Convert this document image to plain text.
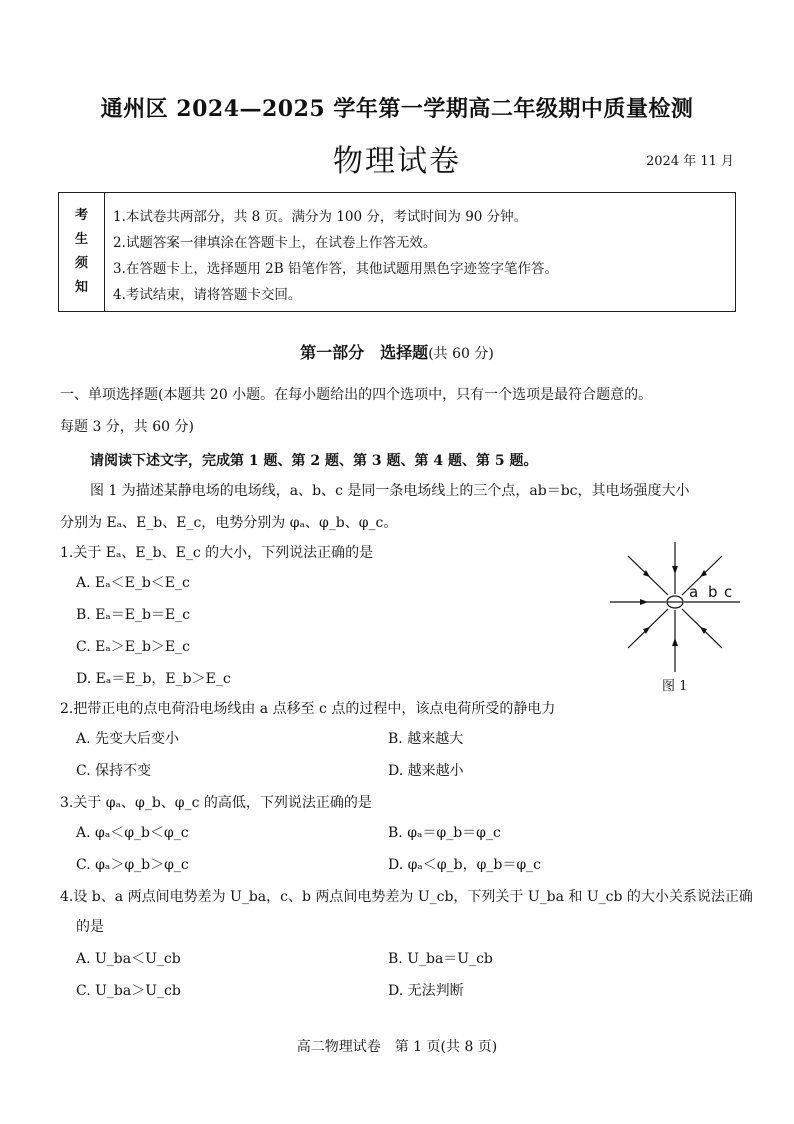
通州区 2024—2025 学年第一学期高二年级期中质量检测
物理试卷	2024 年 11 月
考
生
须
知
1.本试卷共两部分，共 8 页。满分为 100 分，考试时间为 90 分钟。
2.试题答案一律填涂在答题卡上，在试卷上作答无效。
3.在答题卡上，选择题用 2B 铅笔作答，其他试题用黑色字迹签字笔作答。
4.考试结束，请将答题卡交回。
第一部分　选择题(共 60 分)
一、单项选择题(本题共 20 小题。在每小题给出的四个选项中，只有一个选项是最符合题意的。
每题 3 分，共 60 分)
请阅读下述文字，完成第 1 题、第 2 题、第 3 题、第 4 题、第 5 题。
图 1 为描述某静电场的电场线，a、b、c 是同一条电场线上的三个点，ab＝bc，其电场强度大小
分别为 Eₐ、E_b、E_c，电势分别为 φₐ、φ_b、φ_c。
1.关于 Eₐ、E_b、E_c 的大小，下列说法正确的是
A. Eₐ＜E_b＜E_c
B. Eₐ＝E_b＝E_c
C. Eₐ＞E_b＞E_c
D. Eₐ＝E_b，E_b＞E_c
a b c
图 1
2.把带正电的点电荷沿电场线由 a 点移至 c 点的过程中，该点电荷所受的静电力
A. 先变大后变小	B. 越来越大
C. 保持不变	D. 越来越小
3.关于 φₐ、φ_b、φ_c 的高低，下列说法正确的是
A. φₐ＜φ_b＜φ_c	B. φₐ＝φ_b＝φ_c
C. φₐ＞φ_b＞φ_c	D. φₐ＜φ_b，φ_b＝φ_c
4.设 b、a 两点间电势差为 U_ba，c、b 两点间电势差为 U_cb，下列关于 U_ba 和 U_cb 的大小关系说法正确
的是
A. U_ba＜U_cb	B. U_ba＝U_cb
C. U_ba＞U_cb	D. 无法判断
高二物理试卷　第 1 页(共 8 页)
